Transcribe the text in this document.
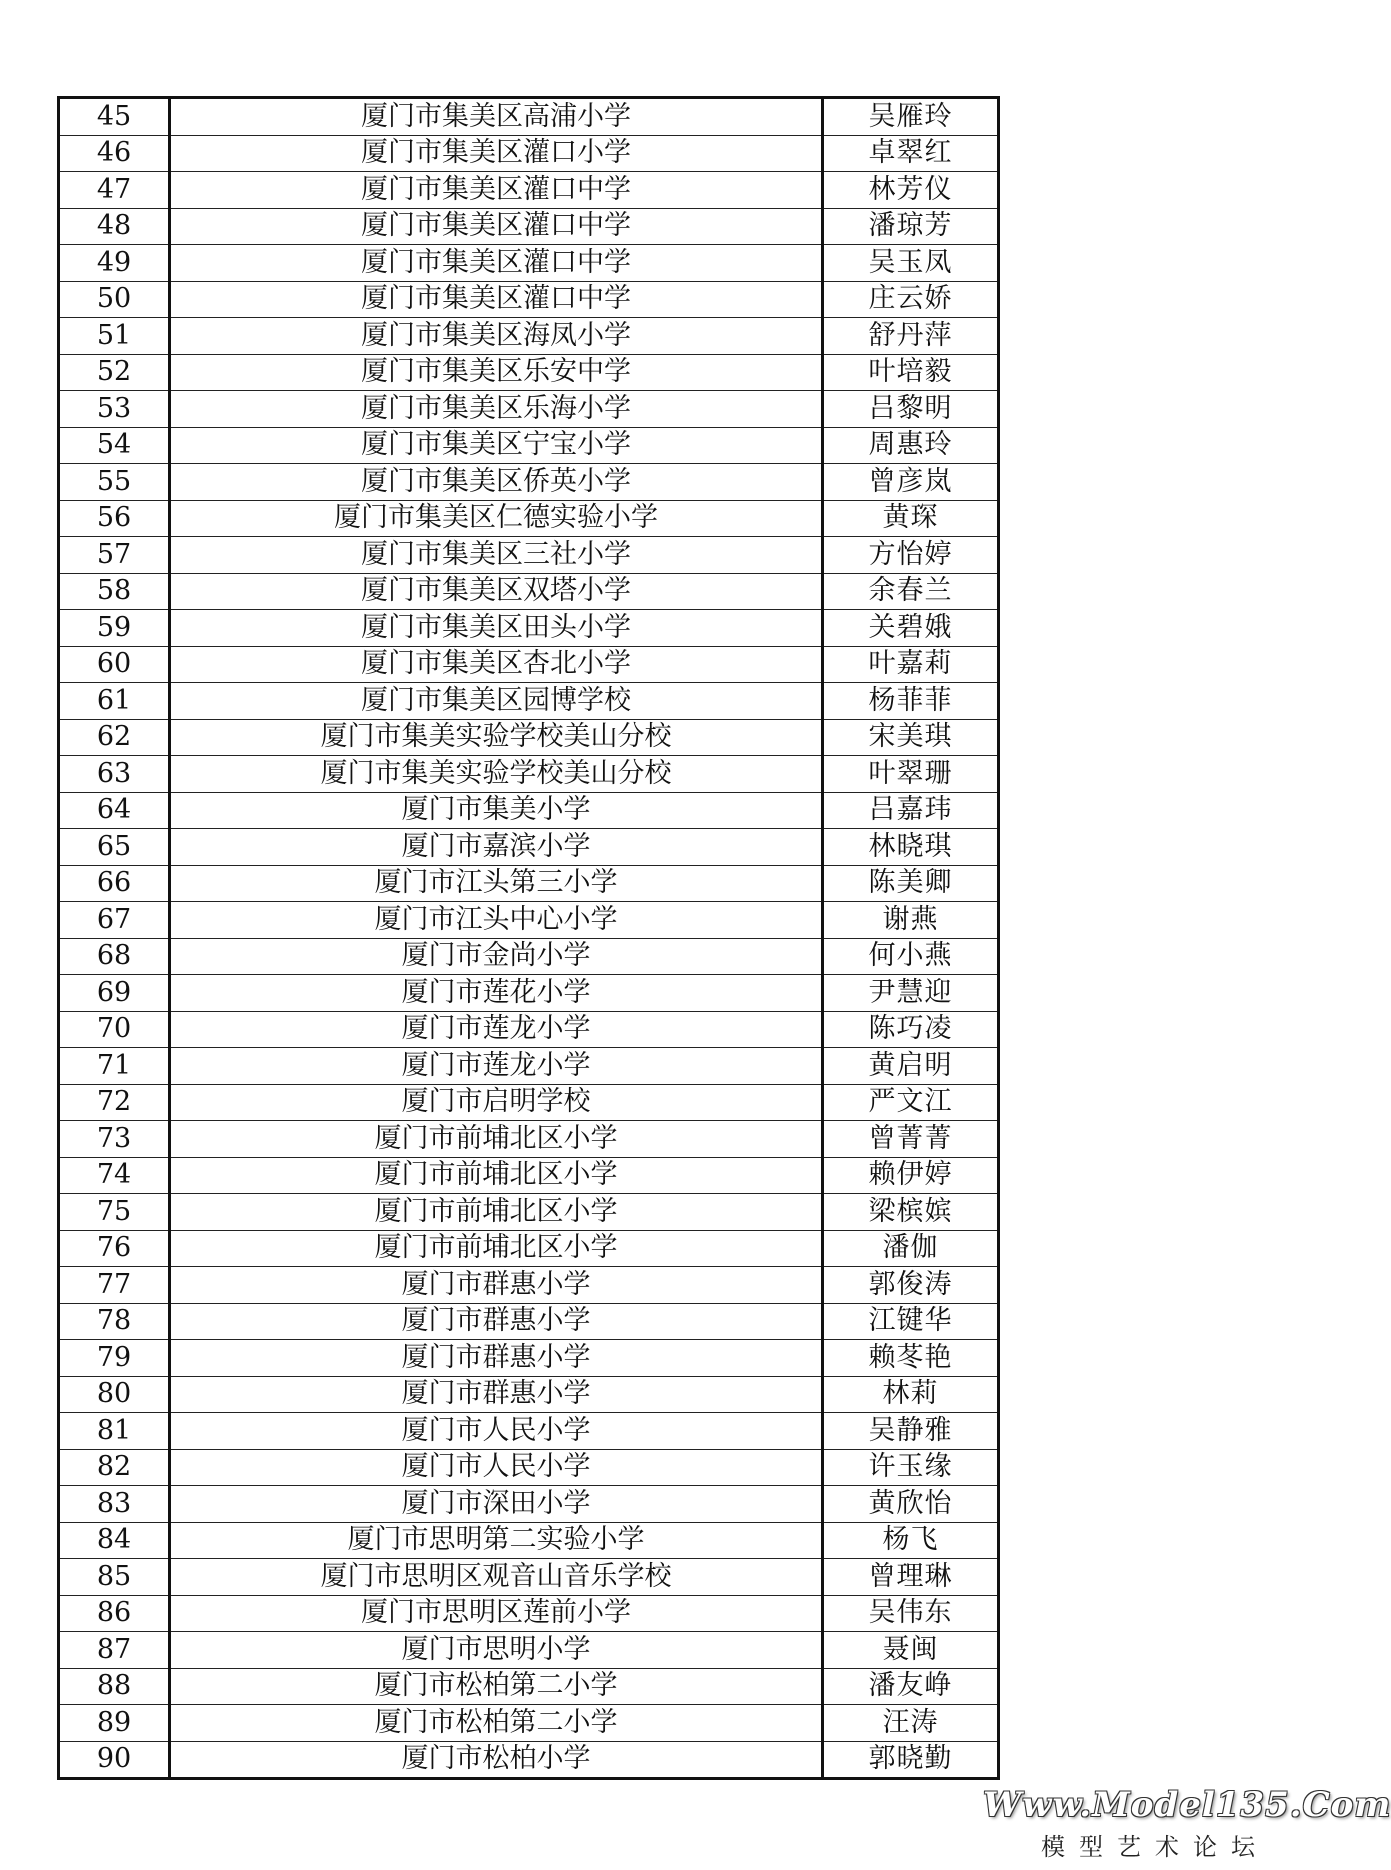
45	厦门市集美区高浦小学	吴雁玲
46	厦门市集美区灌口小学	卓翠红
47	厦门市集美区灌口中学	林芳仪
48	厦门市集美区灌口中学	潘琼芳
49	厦门市集美区灌口中学	吴玉凤
50	厦门市集美区灌口中学	庄云娇
51	厦门市集美区海凤小学	舒丹萍
52	厦门市集美区乐安中学	叶培毅
53	厦门市集美区乐海小学	吕黎明
54	厦门市集美区宁宝小学	周惠玲
55	厦门市集美区侨英小学	曾彦岚
56	厦门市集美区仁德实验小学	黄琛
57	厦门市集美区三社小学	方怡婷
58	厦门市集美区双塔小学	余春兰
59	厦门市集美区田头小学	关碧娥
60	厦门市集美区杏北小学	叶嘉莉
61	厦门市集美区园博学校	杨菲菲
62	厦门市集美实验学校美山分校	宋美琪
63	厦门市集美实验学校美山分校	叶翠珊
64	厦门市集美小学	吕嘉玮
65	厦门市嘉滨小学	林晓琪
66	厦门市江头第三小学	陈美卿
67	厦门市江头中心小学	谢燕
68	厦门市金尚小学	何小燕
69	厦门市莲花小学	尹慧迎
70	厦门市莲龙小学	陈巧凌
71	厦门市莲龙小学	黄启明
72	厦门市启明学校	严文江
73	厦门市前埔北区小学	曾菁菁
74	厦门市前埔北区小学	赖伊婷
75	厦门市前埔北区小学	梁槟嫔
76	厦门市前埔北区小学	潘伽
77	厦门市群惠小学	郭俊涛
78	厦门市群惠小学	江键华
79	厦门市群惠小学	赖苳艳
80	厦门市群惠小学	林莉
81	厦门市人民小学	吴静雅
82	厦门市人民小学	许玉缘
83	厦门市深田小学	黄欣怡
84	厦门市思明第二实验小学	杨飞
85	厦门市思明区观音山音乐学校	曾理琳
86	厦门市思明区莲前小学	吴伟东
87	厦门市思明小学	聂闽
88	厦门市松柏第二小学	潘友峥
89	厦门市松柏第二小学	汪涛
90	厦门市松柏小学	郭晓勤
Www.Model135.Com
模型艺术论坛
